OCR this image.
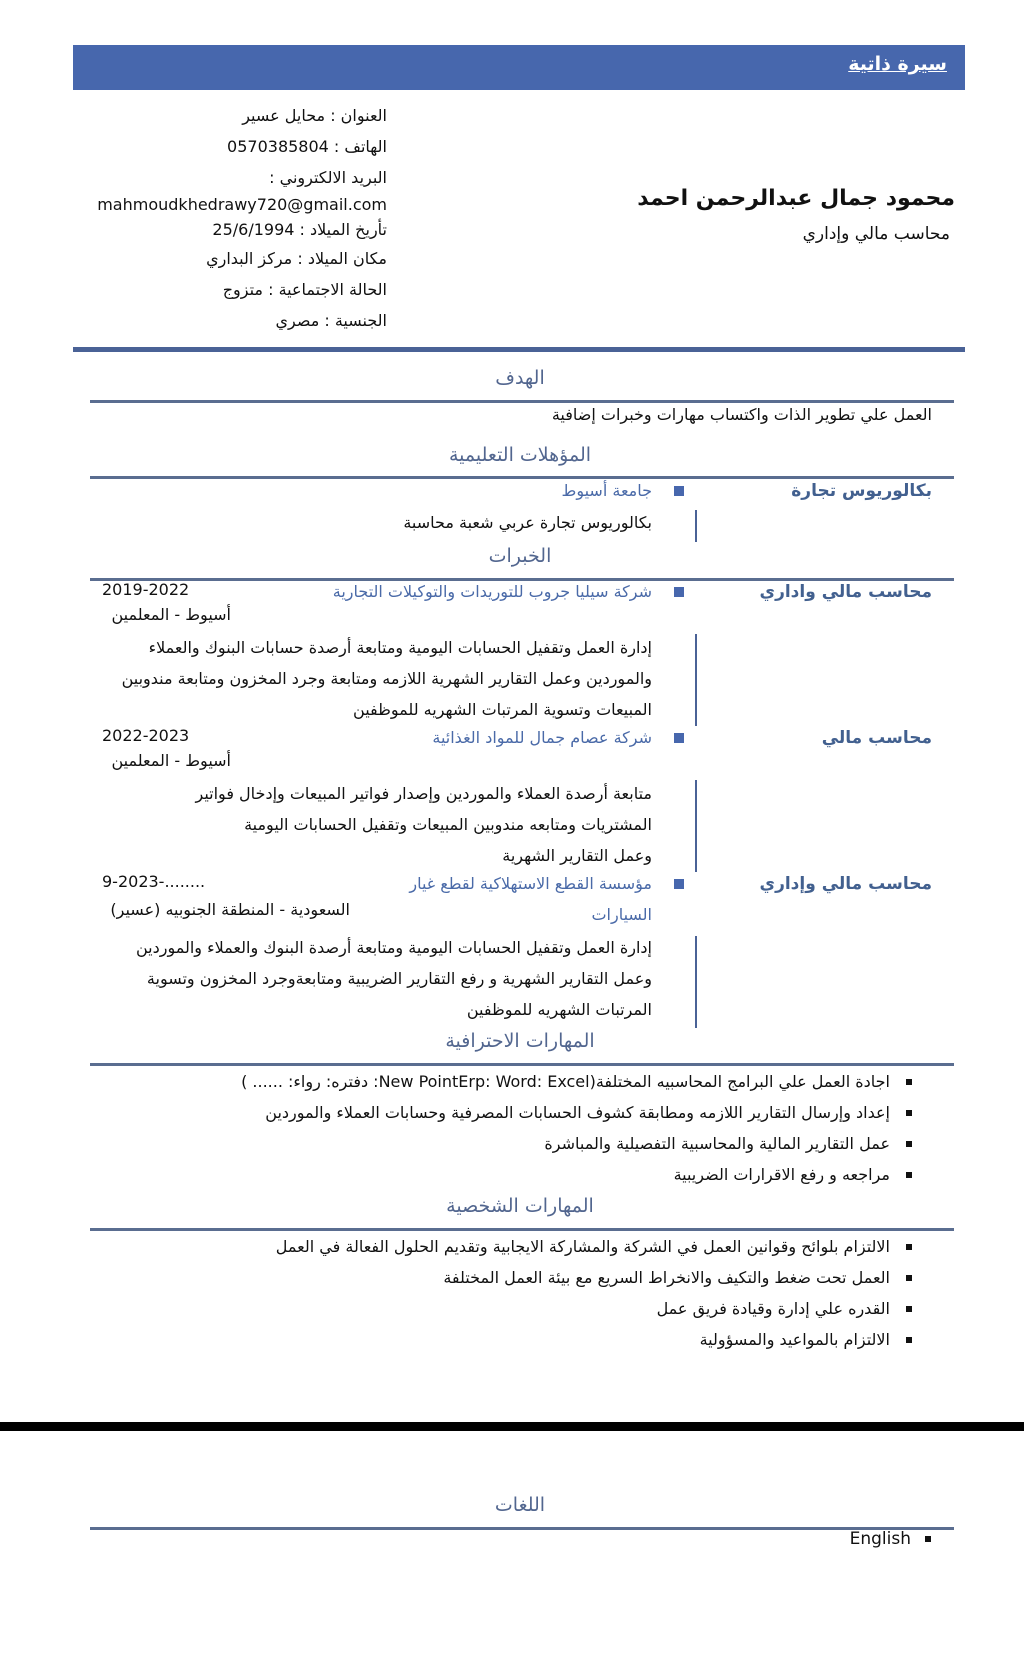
سيرة ذاتية
العنوان : محايل عسير
الهاتف : 0570385804
البريد الالكتروني :
mahmoudkhedrawy720@gmail.com
تأريخ الميلاد : 25/6/1994
مكان الميلاد : مركز البداري
الحالة الاجتماعية : متزوج
الجنسية : مصري
محمود جمال عبدالرحمن احمد
محاسب مالي وإداري
الهدف
العمل علي تطوير الذات واكتساب مهارات وخبرات إضافية
المؤهلات التعليمية
بكالوريوس تجارة
جامعة أسيوط
بكالوريوس تجارة عربي شعبة محاسبة
الخبرات
محاسب مالي واداري
شركة سيليا جروب للتوريدات والتوكيلات التجارية
2019-2022
أسيوط - المعلمين
إدارة العمل وتقفيل الحسابات اليومية ومتابعة أرصدة حسابات البنوك والعملاء
والموردين وعمل التقارير الشهرية اللازمه ومتابعة وجرد المخزون ومتابعة مندوبين
المبيعات وتسوية المرتبات الشهريه للموظفين
محاسب مالي
شركة عصام جمال للمواد الغذائية
2022-2023
أسيوط - المعلمين
متابعة أرصدة العملاء والموردين وإصدار فواتير المبيعات وإدخال فواتير
المشتريات ومتابعه مندوبين المبيعات وتقفيل الحسابات اليومية
وعمل التقارير الشهرية
محاسب مالي وإداري
مؤسسة القطع الاستهلاكية لقطع غيار
السيارات
9-2023-........
السعودية - المنطقة الجنوبيه (عسير)
إدارة العمل وتقفيل الحسابات اليومية ومتابعة أرصدة البنوك والعملاء والموردين
وعمل التقارير الشهرية و رفع التقارير الضريبية ومتابعةوجرد المخزون وتسوية
المرتبات الشهريه للموظفين
المهارات الاحترافية
اجادة العمل علي البرامج المحاسبيه المختلفة(New PointErp: Word: Excel: دفتره: رواء: ...... )
إعداد وإرسال التقارير اللازمه ومطابقة كشوف الحسابات المصرفية وحسابات العملاء والموردين
عمل التقارير المالية والمحاسبية التفصيلية والمباشرة
مراجعه و رفع الاقرارات الضريبية
المهارات الشخصية
الالتزام بلوائح وقوانين العمل في الشركة والمشاركة الايجابية وتقديم الحلول الفعالة في العمل
العمل تحت ضغط والتكيف والانخراط السريع مع بيئة العمل المختلفة
القدره علي إدارة وقيادة فريق عمل
الالتزام بالمواعيد والمسؤولية
اللغات
English
